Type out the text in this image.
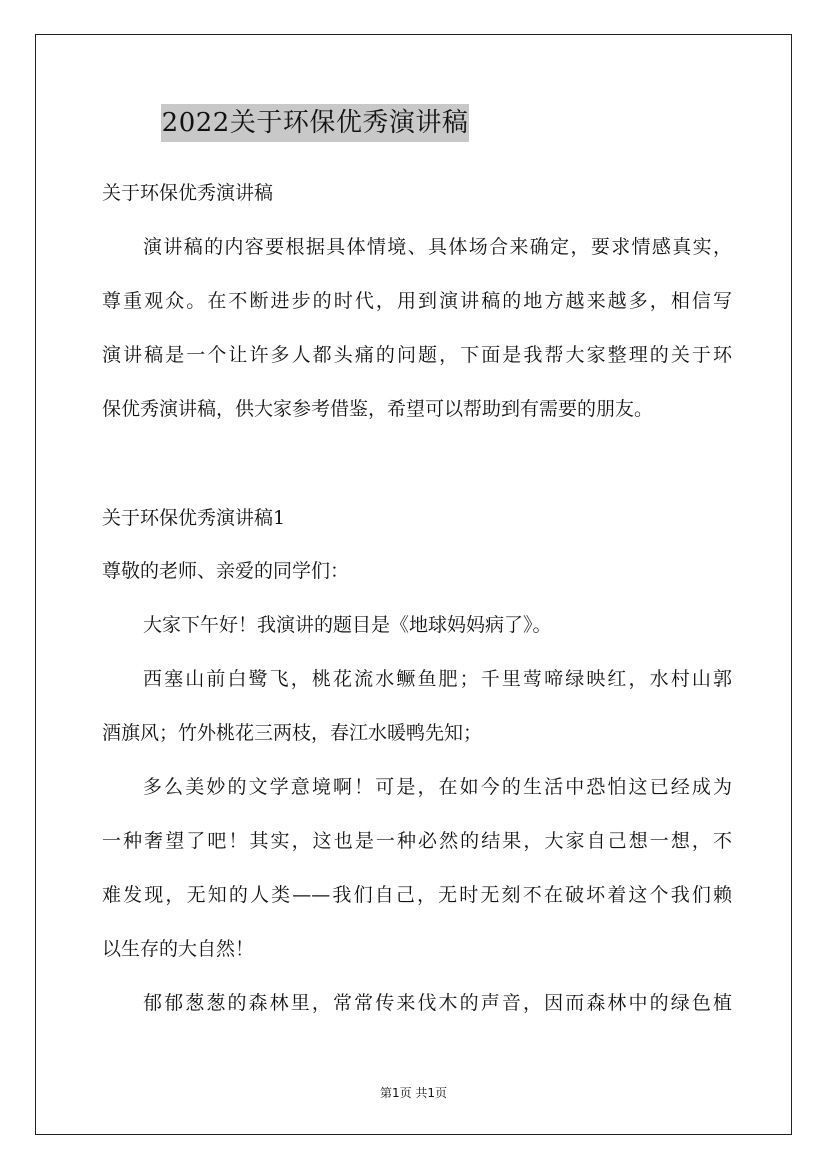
2022关于环保优秀演讲稿
关于环保优秀演讲稿
演讲稿的内容要根据具体情境、具体场合来确定，要求情感真实，
尊重观众。在不断进步的时代，用到演讲稿的地方越来越多，相信写
演讲稿是一个让许多人都头痛的问题，下面是我帮大家整理的关于环
保优秀演讲稿，供大家参考借鉴，希望可以帮助到有需要的朋友。
关于环保优秀演讲稿1
尊敬的老师、亲爱的同学们：
大家下午好！我演讲的题目是《地球妈妈病了》。
西塞山前白鹭飞，桃花流水鳜鱼肥；千里莺啼绿映红，水村山郭
酒旗风；竹外桃花三两枝，春江水暖鸭先知；
多么美妙的文学意境啊！可是，在如今的生活中恐怕这已经成为
一种奢望了吧！其实，这也是一种必然的结果，大家自己想一想，不
难发现，无知的人类——我们自己，无时无刻不在破坏着这个我们赖
以生存的大自然！
郁郁葱葱的森林里，常常传来伐木的声音，因而森林中的绿色植
第1页 共1页
